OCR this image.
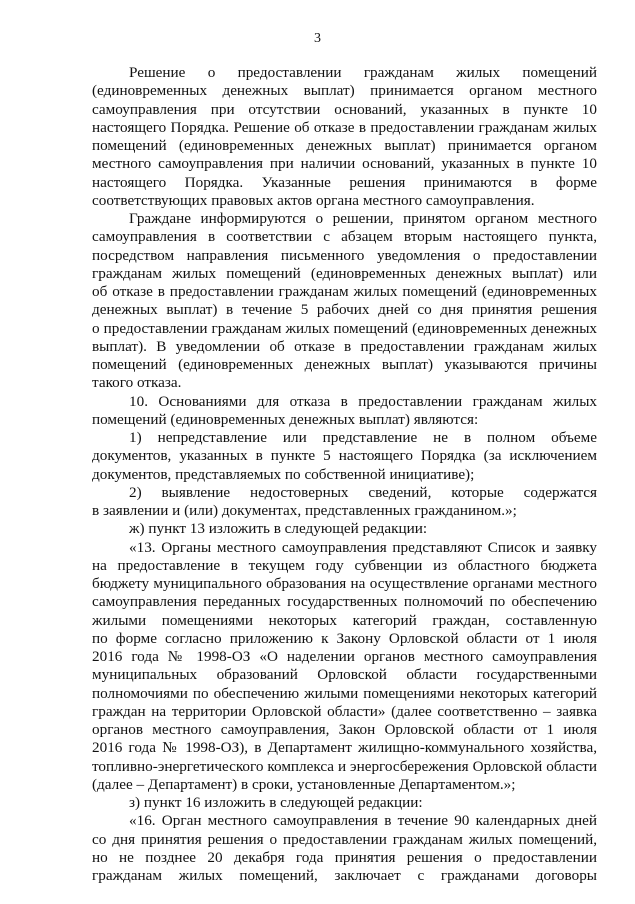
3
Решение о предоставлении гражданам жилых помещений
(единовременных денежных выплат) принимается органом местного
самоуправления при отсутствии оснований, указанных в пункте 10
настоящего Порядка. Решение об отказе в предоставлении гражданам жилых
помещений (единовременных денежных выплат) принимается органом
местного самоуправления при наличии оснований, указанных в пункте 10
настоящего Порядка. Указанные решения принимаются в форме
соответствующих правовых актов органа местного самоуправления.
Граждане информируются о решении, принятом органом местного
самоуправления в соответствии с абзацем вторым настоящего пункта,
посредством направления письменного уведомления о предоставлении
гражданам жилых помещений (единовременных денежных выплат) или
об отказе в предоставлении гражданам жилых помещений (единовременных
денежных выплат) в течение 5 рабочих дней со дня принятия решения
о предоставлении гражданам жилых помещений (единовременных денежных
выплат). В уведомлении об отказе в предоставлении гражданам жилых
помещений (единовременных денежных выплат) указываются причины
такого отказа.
10. Основаниями для отказа в предоставлении гражданам жилых
помещений (единовременных денежных выплат) являются:
1) непредставление или представление не в полном объеме
документов, указанных в пункте 5 настоящего Порядка (за исключением
документов, представляемых по собственной инициативе);
2) выявление недостоверных сведений, которые содержатся
в заявлении и (или) документах, представленных гражданином.»;
ж) пункт 13 изложить в следующей редакции:
«13. Органы местного самоуправления представляют Список и заявку
на предоставление в текущем году субвенции из областного бюджета
бюджету муниципального образования на осуществление органами местного
самоуправления переданных государственных полномочий по обеспечению
жилыми помещениями некоторых категорий граждан, составленную
по форме согласно приложению к Закону Орловской области от 1 июля
2016 года № 1998-ОЗ «О наделении органов местного самоуправления
муниципальных образований Орловской области государственными
полномочиями по обеспечению жилыми помещениями некоторых категорий
граждан на территории Орловской области» (далее соответственно – заявка
органов местного самоуправления, Закон Орловской области от 1 июля
2016 года № 1998-ОЗ), в Департамент жилищно-коммунального хозяйства,
топливно-энергетического комплекса и энергосбережения Орловской области
(далее – Департамент) в сроки, установленные Департаментом.»;
з) пункт 16 изложить в следующей редакции:
«16. Орган местного самоуправления в течение 90 календарных дней
со дня принятия решения о предоставлении гражданам жилых помещений,
но не позднее 20 декабря года принятия решения о предоставлении
гражданам жилых помещений, заключает с гражданами договоры
